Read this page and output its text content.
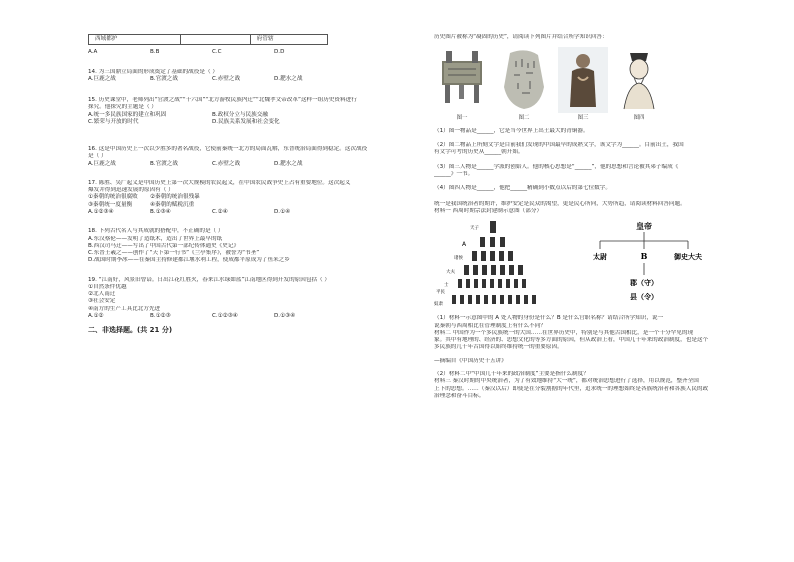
西域都护		府管辖
A.A	B.B	C.C	D.D
14. 为三国鼎立局面的形成奠定了基础的战役是（ ）
A.巨鹿之战	B.官渡之战	C.赤壁之战	D.淝水之战
15. 历史课堂中，老师列出“官渡之战”“十六国”“北方游牧民族内迁”“北魏孝文帝改革”这样一组历史资料进行
探究。他探究的主题是（ ）
A.统一多民族国家的建立和巩固	B.政权分立与民族交融
C.繁荣与开放的时代	D.民族关系发展和社会变化
16. 这是中国历史上一次以少胜多的著名战役，它使前秦统一北方的局面瓦解，东晋统治局面得到稳定。这次战役
是（ ）
A.巨鹿之战	B.官渡之战	C.赤壁之战	D.淝水之战
17. 陈胜、吴广起义是中国历史上第一次大规模的农民起义，在中国农民战争史上占有重要地位。这次起义
爆发并得到迅速发展的原因有（ ）
①秦朝的统治很腐败	②秦朝的统治很残暴
③秦朝统一度量衡	④秦朝的赋税沉重
A.①②③④	B.①③④	C.②④	D.①④
18. 下列古代名人与其成就的搭配中，不正确的是（ ）
A.东汉蔡伦——发明了造纸术，造出了世界上最早的纸
B.西汉司马迁——写出了中国古代第一部纪传体通史《史记》
C.东晋王羲之——创作了“天下第一行书”《兰亭集序》，被誉为“书圣”
D.战国时期李冰——在秦国主持修建都江堰水利工程，使成都平原成为了鱼米之乡
19. “江南好，风景旧曾谙。日出江花红胜火，春来江水绿如蓝”江南地区得到开发的原因包括（ ）
①自然条件优越
②北人南迁
③社会安定
④南方的生产工具比北方先进
A.①②	B.①②③	C.①②③④	D.①③④
二、非选择题。(共 21 分)
历史图片被称为“凝固的历史”，请阅读下列图片并结合所学知识回答：
图一	图二	图三	图四
（1）图一物品是______，它是当今世界上出土最大的青铜器。
（2）图二物品上所刻文字是目前我们发现的中国最早的成熟文字，该文字为______。目前出土，我国
有文字可考的历史从______朝开始。
（3）图三人物是______学派的创始人。他的核心思想是“______”，他的思想和言论被其弟子编成《
______》一书。
（4）图四人物是______，他把______精确到小数点以后的第七位数字。
统一是我国统治者的期许，维护安定是民众的渴望，更是民心所向，大势所趋，请阅读材料回答问题。
材料一 西周时期宗法封建制示意图（部分）
天子
A
诸侯
大夫
士
平民
奴隶
皇帝
太尉	B	御史大夫
郡（守）
县（令）
（1）材料一示意图中的 A 处人物的身份是什么？B 是什么官职名称？请结合所学知识，说一
说秦朝与西周相比在管理制度上有什么不同？
材料二 中国作为一个多民族统一的大国……在世界历史中，特别是与其他古国相比，是一个十分罕见的现
象。其中有地理的、经济的、思想文化的等多方面的原因，但从政治上看，中国几千年来的政治制度，也是这个
多民族的几千年古国得以始终维持统一的重要原因。
—摘编自《中国历史十五讲》
（2）材料二中“中国几千年来的政治制度”主要是指什么制度？
材料三 秦汉时期的中央统治者，为了有效地维持“大一统”，都对统治思想进行了选择，用以规范，整齐全国
上下的思想。……（秦汉以后）即使是在分裂割据的年代里，追求统一的理想始终是各族统治者和各族人民的政
治理念和奋斗目标。
